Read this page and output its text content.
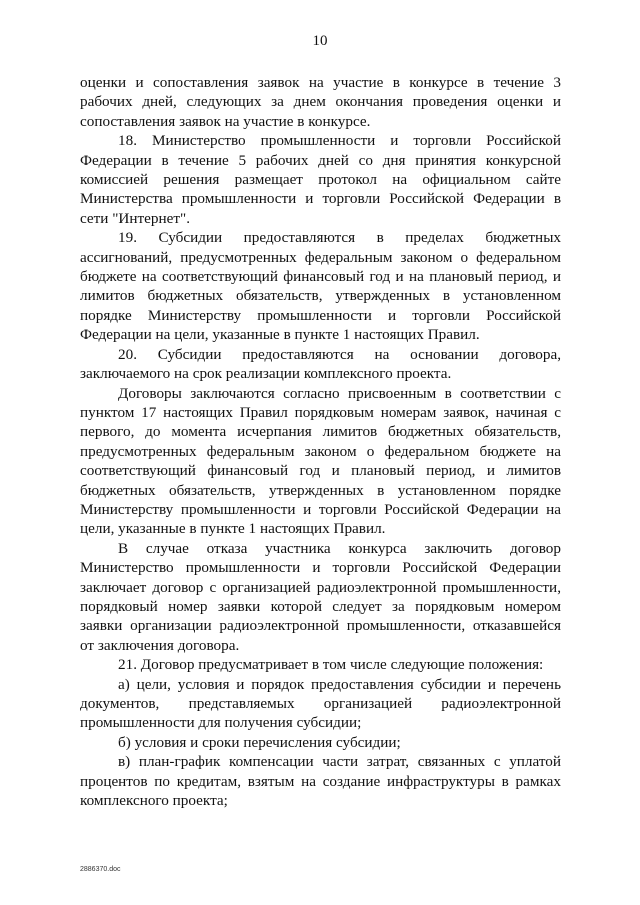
10

оценки и сопоставления заявок на участие в конкурсе в течение 3 рабочих дней, следующих за днем окончания проведения оценки и сопоставления заявок на участие в конкурсе.

18. Министерство промышленности и торговли Российской Федерации в течение 5 рабочих дней со дня принятия конкурсной комиссией решения размещает протокол на официальном сайте Министерства промышленности и торговли Российской Федерации в сети "Интернет".

19. Субсидии предоставляются в пределах бюджетных ассигнований, предусмотренных федеральным законом о федеральном бюджете на соответствующий финансовый год и на плановый период, и лимитов бюджетных обязательств, утвержденных в установленном порядке Министерству промышленности и торговли Российской Федерации на цели, указанные в пункте 1 настоящих Правил.

20. Субсидии предоставляются на основании договора, заключаемого на срок реализации комплексного проекта.

Договоры заключаются согласно присвоенным в соответствии с пунктом 17 настоящих Правил порядковым номерам заявок, начиная с первого, до момента исчерпания лимитов бюджетных обязательств, предусмотренных федеральным законом о федеральном бюджете на соответствующий финансовый год и плановый период, и лимитов бюджетных обязательств, утвержденных в установленном порядке Министерству промышленности и торговли Российской Федерации на цели, указанные в пункте 1 настоящих Правил.

В случае отказа участника конкурса заключить договор Министерство промышленности и торговли Российской Федерации заключает договор с организацией радиоэлектронной промышленности, порядковый номер заявки которой следует за порядковым номером заявки организации радиоэлектронной промышленности, отказавшейся от заключения договора.

21. Договор предусматривает в том числе следующие положения:

а) цели, условия и порядок предоставления субсидии и перечень документов, представляемых организацией радиоэлектронной промышленности для получения субсидии;

б) условия и сроки перечисления субсидии;

в) план-график компенсации части затрат, связанных с уплатой процентов по кредитам, взятым на создание инфраструктуры в рамках комплексного проекта;

2886370.doc
